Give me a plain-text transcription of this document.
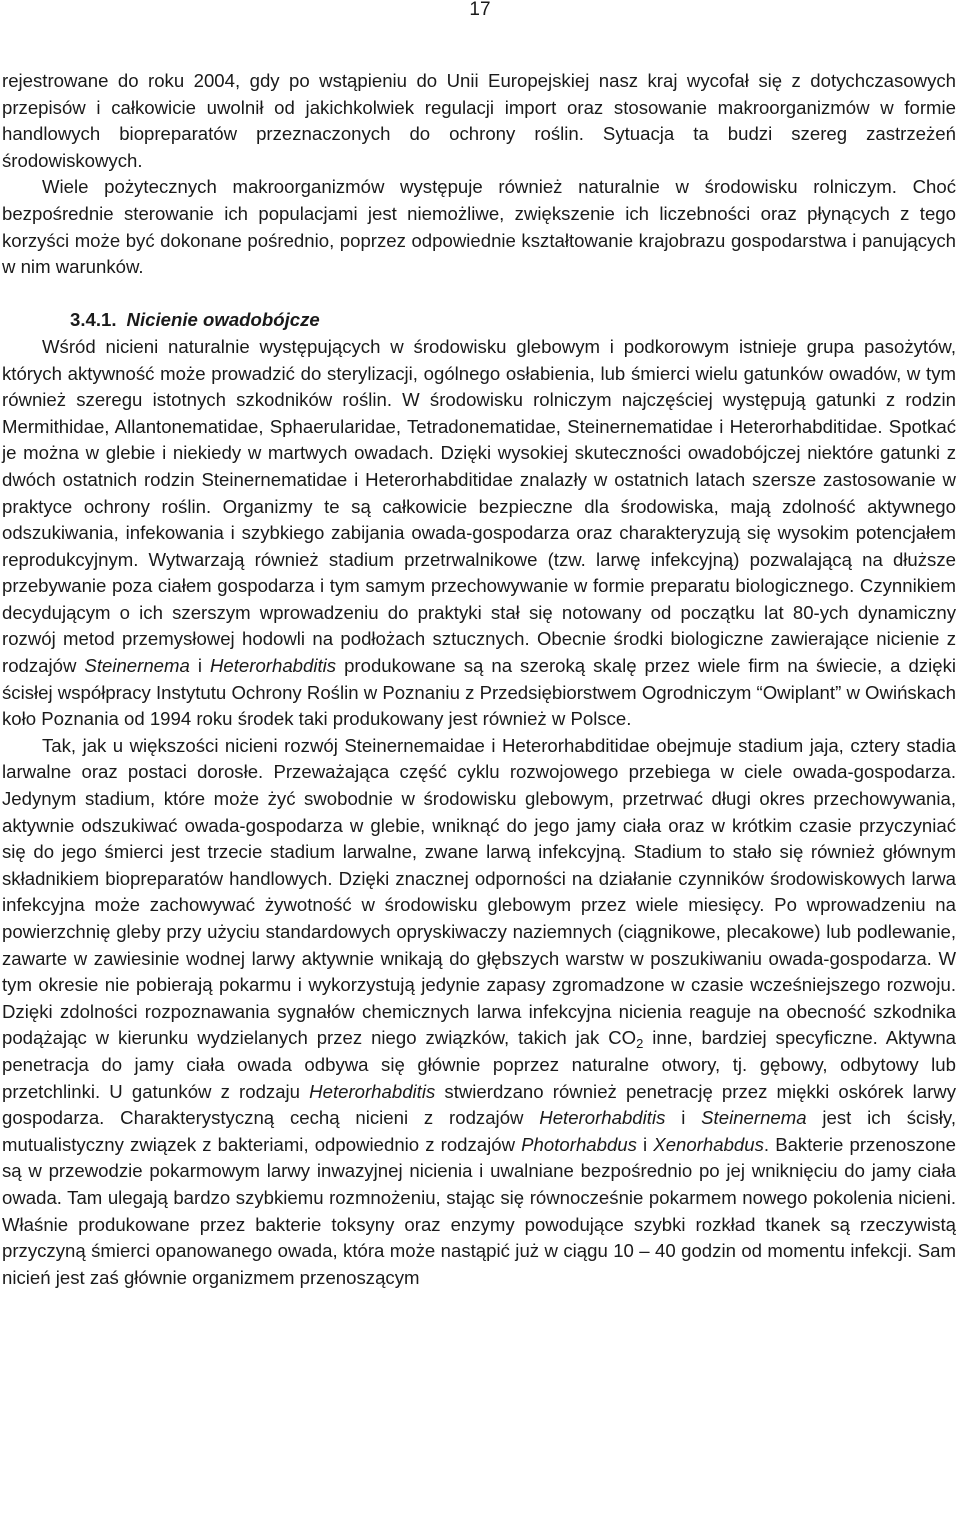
17

rejestrowane do roku 2004, gdy po wstąpieniu do Unii Europejskiej nasz kraj wycofał się z dotychczasowych przepisów i całkowicie uwolnił od jakichkolwiek regulacji import oraz stosowanie makroorganizmów w formie handlowych biopreparatów przeznaczonych do ochrony roślin. Sytuacja ta budzi szereg zastrzeżeń środowiskowych.

Wiele pożytecznych makroorganizmów występuje również naturalnie w środowisku rolniczym. Choć bezpośrednie sterowanie ich populacjami jest niemożliwe, zwiększenie ich liczebności oraz płynących z tego korzyści może być dokonane pośrednio, poprzez odpowiednie kształtowanie krajobrazu gospodarstwa i panujących w nim warunków.

3.4.1. Nicienie owadobójcze

Wśród nicieni naturalnie występujących w środowisku glebowym i podkorowym istnieje grupa pasożytów, których aktywność może prowadzić do sterylizacji, ogólnego osłabienia, lub śmierci wielu gatunków owadów, w tym również szeregu istotnych szkodników roślin. W środowisku rolniczym najczęściej występują gatunki z rodzin Mermithidae, Allantonematidae, Sphaerularidae, Tetradonematidae, Steinernematidae i Heterorhabditidae. Spotkać je można w glebie i niekiedy w martwych owadach. Dzięki wysokiej skuteczności owadobójczej niektóre gatunki z dwóch ostatnich rodzin Steinernematidae i Heterorhabditidae znalazły w ostatnich latach szersze zastosowanie w praktyce ochrony roślin. Organizmy te są całkowicie bezpieczne dla środowiska, mają zdolność aktywnego odszukiwania, infekowania i szybkiego zabijania owada-gospodarza oraz charakteryzują się wysokim potencjałem reprodukcyjnym. Wytwarzają również stadium przetrwalnikowe (tzw. larwę infekcyjną) pozwalającą na dłuższe przebywanie poza ciałem gospodarza i tym samym przechowywanie w formie preparatu biologicznego. Czynnikiem decydującym o ich szerszym wprowadzeniu do praktyki stał się notowany od początku lat 80-ych dynamiczny rozwój metod przemysłowej hodowli na podłożach sztucznych. Obecnie środki biologiczne zawierające nicienie z rodzajów Steinernema i Heterorhabditis produkowane są na szeroką skalę przez wiele firm na świecie, a dzięki ścisłej współpracy Instytutu Ochrony Roślin w Poznaniu z Przedsiębiorstwem Ogrodniczym “Owiplant” w Owińskach koło Poznania od 1994 roku środek taki produkowany jest również w Polsce.

Tak, jak u większości nicieni rozwój Steinernemaidae i Heterorhabditidae obejmuje stadium jaja, cztery stadia larwalne oraz postaci dorosłe. Przeważająca część cyklu rozwojowego przebiega w ciele owada-gospodarza. Jedynym stadium, które może żyć swobodnie w środowisku glebowym, przetrwać długi okres przechowywania, aktywnie odszukiwać owada-gospodarza w glebie, wniknąć do jego jamy ciała oraz w krótkim czasie przyczyniać się do jego śmierci jest trzecie stadium larwalne, zwane larwą infekcyjną. Stadium to stało się również głównym składnikiem biopreparatów handlowych. Dzięki znacznej odporności na działanie czynników środowiskowych larwa infekcyjna może zachowywać żywotność w środowisku glebowym przez wiele miesięcy. Po wprowadzeniu na powierzchnię gleby przy użyciu standardowych opryskiwaczy naziemnych (ciągnikowe, plecakowe) lub podlewanie, zawarte w zawiesinie wodnej larwy aktywnie wnikają do głębszych warstw w poszukiwaniu owada-gospodarza. W tym okresie nie pobierają pokarmu i wykorzystują jedynie zapasy zgromadzone w czasie wcześniejszego rozwoju. Dzięki zdolności rozpoznawania sygnałów chemicznych larwa infekcyjna nicienia reaguje na obecność szkodnika podążając w kierunku wydzielanych przez niego związków, takich jak $CO_2$ inne, bardziej specyficzne. Aktywna penetracja do jamy ciała owada odbywa się głównie poprzez naturalne otwory, tj. gębowy, odbytowy lub przetchlinki. U gatunków z rodzaju Heterorhabditis stwierdzano również penetrację przez miękki oskórek larwy gospodarza. Charakterystyczną cechą nicieni z rodzajów Heterorhabditis i Steinernema jest ich ścisły, mutualistyczny związek z bakteriami, odpowiednio z rodzajów Photorhabdus i Xenorhabdus. Bakterie przenoszone są w przewodzie pokarmowym larwy inwazyjnej nicienia i uwalniane bezpośrednio po jej wniknięciu do jamy ciała owada. Tam ulegają bardzo szybkiemu rozmnożeniu, stając się równocześnie pokarmem nowego pokolenia nicieni. Właśnie produkowane przez bakterie toksyny oraz enzymy powodujące szybki rozkład tkanek są rzeczywistą przyczyną śmierci opanowanego owada, która może nastąpić już w ciągu 10 – 40 godzin od momentu infekcji. Sam nicień jest zaś głównie organizmem przenoszącym
